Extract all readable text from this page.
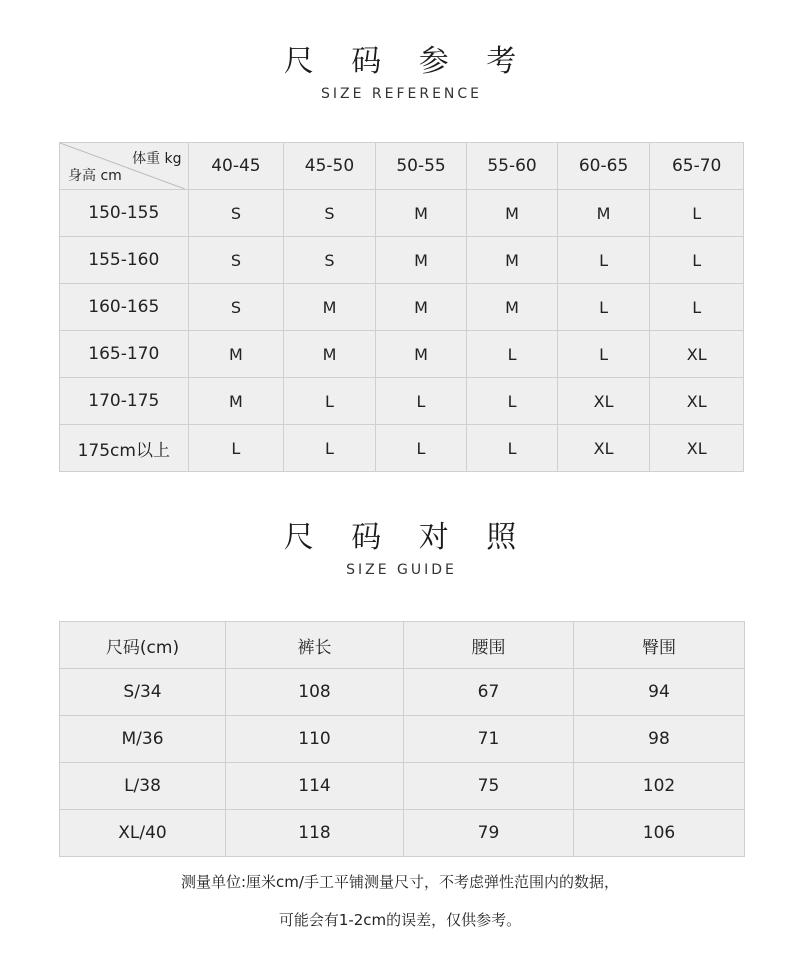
尺 码 参 考
SIZE REFERENCE
体重 kg
身高 cm	40-45	45-50	50-55	55-60	60-65	65-70
150-155	S	S	M	M	M	L
155-160	S	S	M	M	L	L
160-165	S	M	M	M	L	L
165-170	M	M	M	L	L	XL
170-175	M	L	L	L	XL	XL
175cm以上	L	L	L	L	XL	XL
尺 码 对 照
SIZE GUIDE
尺码(cm)	裤长	腰围	臀围
S/34	108	67	94
M/36	110	71	98
L/38	114	75	102
XL/40	118	79	106
测量单位:厘米cm/手工平铺测量尺寸，不考虑弹性范围内的数据，
可能会有1-2cm的误差，仅供参考。
